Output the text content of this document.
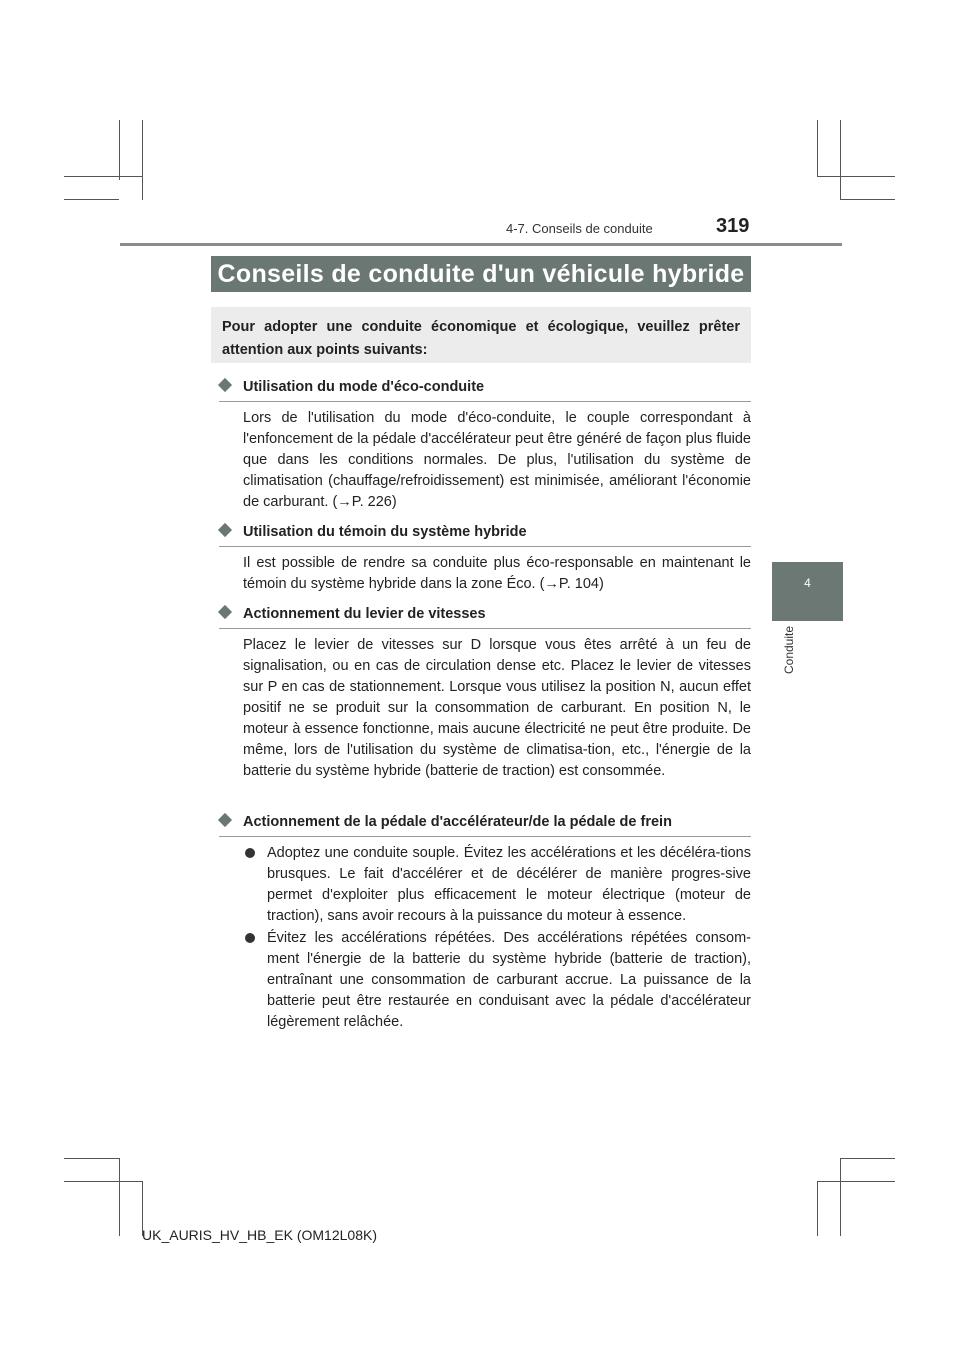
4-7. Conseils de conduite	319
4
Conduite
Conseils de conduite d'un véhicule hybride
Pour adopter une conduite économique et écologique, veuillez prêter attention aux points suivants:
Utilisation du mode d'éco-conduite
Lors de l'utilisation du mode d'éco-conduite, le couple correspondant à l'enfoncement de la pédale d'accélérateur peut être généré de façon plus fluide que dans les conditions normales. De plus, l'utilisation du système de climatisation (chauffage/refroidissement) est minimisée, améliorant l'économie de carburant. (→P. 226)
Utilisation du témoin du système hybride
Il est possible de rendre sa conduite plus éco-responsable en maintenant le témoin du système hybride dans la zone Éco. (→P. 104)
Actionnement du levier de vitesses
Placez le levier de vitesses sur D lorsque vous êtes arrêté à un feu de signalisation, ou en cas de circulation dense etc. Placez le levier de vitesses sur P en cas de stationnement. Lorsque vous utilisez la position N, aucun effet positif ne se produit sur la consommation de carburant. En position N, le moteur à essence fonctionne, mais aucune électricité ne peut être produite. De même, lors de l'utilisation du système de climatisa-tion, etc., l'énergie de la batterie du système hybride (batterie de traction) est consommée.
Actionnement de la pédale d'accélérateur/de la pédale de frein
Adoptez une conduite souple. Évitez les accélérations et les décéléra-tions brusques. Le fait d'accélérer et de décélérer de manière progres-sive permet d'exploiter plus efficacement le moteur électrique (moteur de traction), sans avoir recours à la puissance du moteur à essence.
Évitez les accélérations répétées. Des accélérations répétées consom-ment l'énergie de la batterie du système hybride (batterie de traction), entraînant une consommation de carburant accrue. La puissance de la batterie peut être restaurée en conduisant avec la pédale d'accélérateur légèrement relâchée.
UK_AURIS_HV_HB_EK (OM12L08K)
